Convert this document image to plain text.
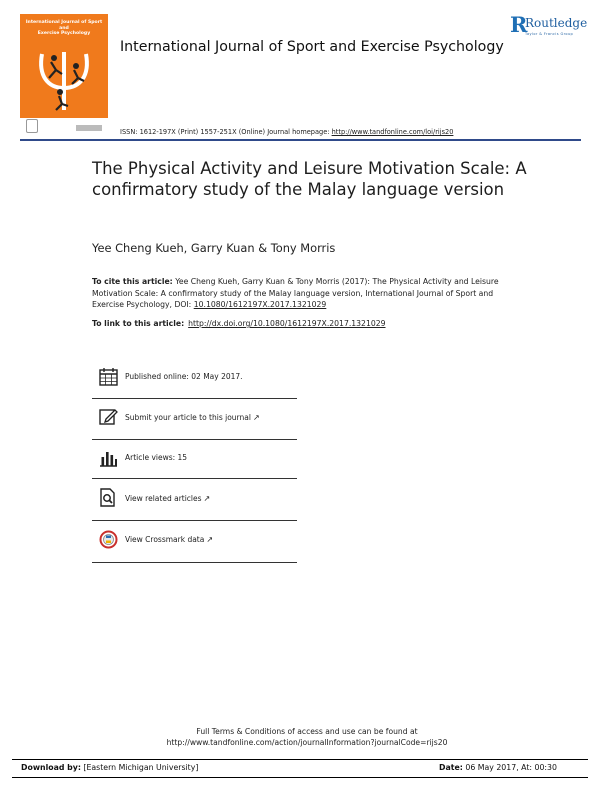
International Journal of Sport
and
Exercise Psychology
International Journal of Sport and Exercise Psychology
R
Routledge
Taylor & Francis Group
ISSN: 1612-197X (Print) 1557-251X (Online) Journal homepage: http://www.tandfonline.com/loi/rijs20
The Physical Activity and Leisure Motivation Scale: A confirmatory study of the Malay language version
Yee Cheng Kueh, Garry Kuan & Tony Morris
To cite this article: Yee Cheng Kueh, Garry Kuan & Tony Morris (2017): The Physical Activity and Leisure Motivation Scale: A confirmatory study of the Malay language version, International Journal of Sport and Exercise Psychology, DOI: 10.1080/1612197X.2017.1321029
To link to this article: http://dx.doi.org/10.1080/1612197X.2017.1321029
Published online: 02 May 2017.
Submit your article to this journal ↗
Article views: 15
View related articles ↗
View Crossmark data ↗
Full Terms & Conditions of access and use can be found at
http://www.tandfonline.com/action/journalInformation?journalCode=rijs20
Download by: [Eastern Michigan University]	Date: 06 May 2017, At: 00:30
